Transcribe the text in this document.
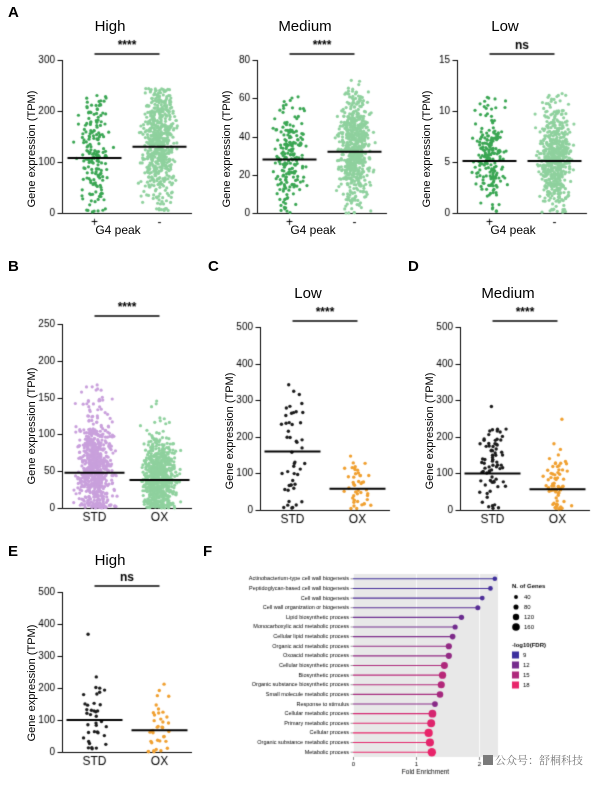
A
Gene expression (TPM)
G4 peak
Gene expression (TPM)
G4 peak
Gene expression (TPM)
G4 peak
B
Gene expression (TPM)
C
Gene expression (TPM)
D
Gene expression (TPM)
E
Gene expression (TPM)
F
公众号：舒桐科技
